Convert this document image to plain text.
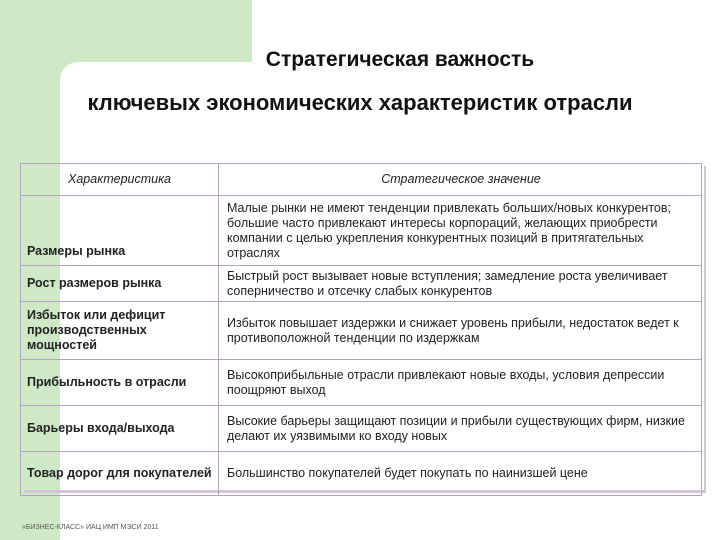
Стратегическая важность
ключевых экономических характеристик отрасли
Характеристика	Стратегическое значение
Размеры рынка	Малые рынки не имеют тенденции привлекать больших/новых конкурентов; большие часто привлекают интересы корпораций, желающих приобрести компании с целью укрепления конкурентных позиций в притягательных отраслях
Рост размеров рынка	Быстрый рост вызывает новые вступления; замедление роста увеличивает соперничество и отсечку слабых конкурентов
Избыток или дефицит производственных мощностей	Избыток повышает издержки и снижает уровень прибыли, недостаток ведет к противоположной тенденции по издержкам
Прибыльность в отрасли	Высокоприбыльные отрасли привлекают новые входы, условия депрессии поощряют выход
Барьеры входа/выхода	Высокие барьеры защищают позиции и прибыли существующих фирм, низкие делают их уязвимыми ко входу новых
Товар дорог для покупателей	Большинство покупателей будет покупать по наинизшей цене
«БИЗНЕС-КЛАСС» ИАЦ ИМП МЭСИ 2011
